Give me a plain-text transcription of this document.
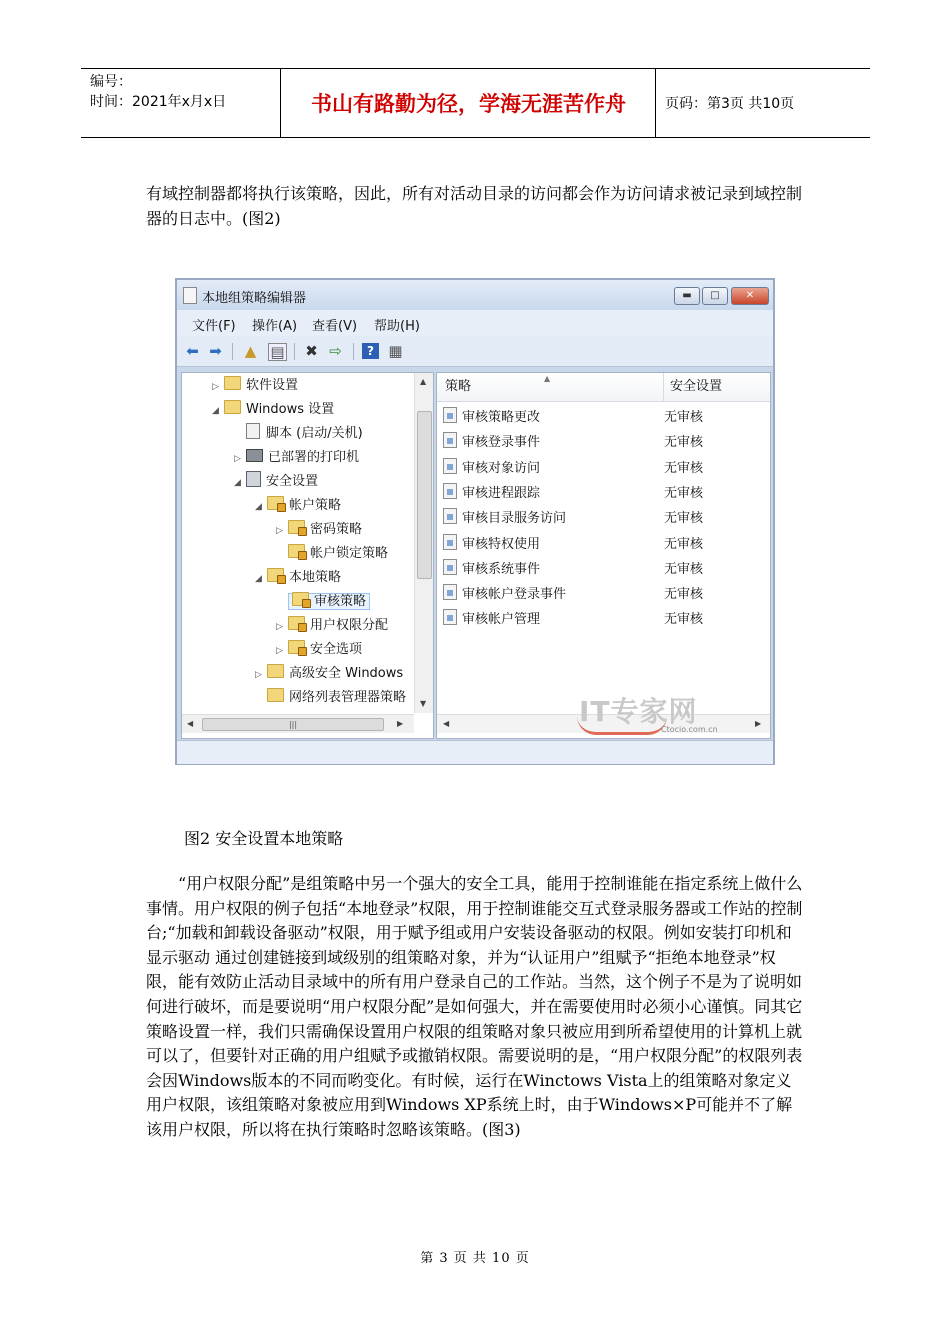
编号：
时间：2021年x月x日	书山有路勤为径，学海无涯苦作舟	页码：第3页 共10页

有域控制器都将执行该策略，因此，所有对活动目录的访问都会作为访问请求被记录到域控制器的日志中。(图2)

本地组策略编辑器	▬	□	✕
文件(F) 操作(A) 查看(V) 帮助(H)
⬅ ➡ ▲ ▤ ✖ ⇨	? ▦
▷ 软件设置
◢ Windows 设置
脚本 (启动/关机)
▷ 已部署的打印机
◢ 安全设置
◢ 帐户策略
▷ 密码策略
帐户锁定策略
◢ 本地策略
审核策略
▷ 用户权限分配
▷ 安全选项
▷ 高级安全 Windows
网络列表管理器策略
▲
▼
◀	|||	▶
▲
策略	安全设置
审核策略更改	无审核
审核登录事件	无审核
审核对象访问	无审核
审核进程跟踪	无审核
审核目录服务访问	无审核
审核特权使用	无审核
审核系统事件	无审核
审核帐户登录事件	无审核
审核帐户管理	无审核
◀	▶
IT专家网
Ctocio.com.cn
图2 安全设置本地策略

“用户权限分配”是组策略中另一个强大的安全工具，能用于控制谁能在指定系统上做什么事情。用户权限的例子包括“本地登录”权限，用于控制谁能交互式登录服务器或工作站的控制台;“加载和卸载设备驱动”权限，用于赋予组或用户安装设备驱动的权限。例如安装打印机和显示驱动 通过创建链接到域级别的组策略对象，并为“认证用户”组赋予“拒绝本地登录”权限，能有效防止活动目录域中的所有用户登录自己的工作站。当然，这个例子不是为了说明如何进行破坏，而是要说明“用户权限分配”是如何强大，并在需要使用时必须小心谨慎。同其它策略设置一样，我们只需确保设置用户权限的组策略对象只被应用到所希望使用的计算机上就可以了，但要针对正确的用户组赋予或撤销权限。需要说明的是，“用户权限分配”的权限列表会因Windows版本的不同而哟变化。有时候，运行在Winctows Vista上的组策略对象定义用户权限，该组策略对象被应用到Windows XP系统上时，由于Windows×P可能并不了解该用户权限，所以将在执行策略时忽略该策略。(图3)

第 3 页 共 10 页
